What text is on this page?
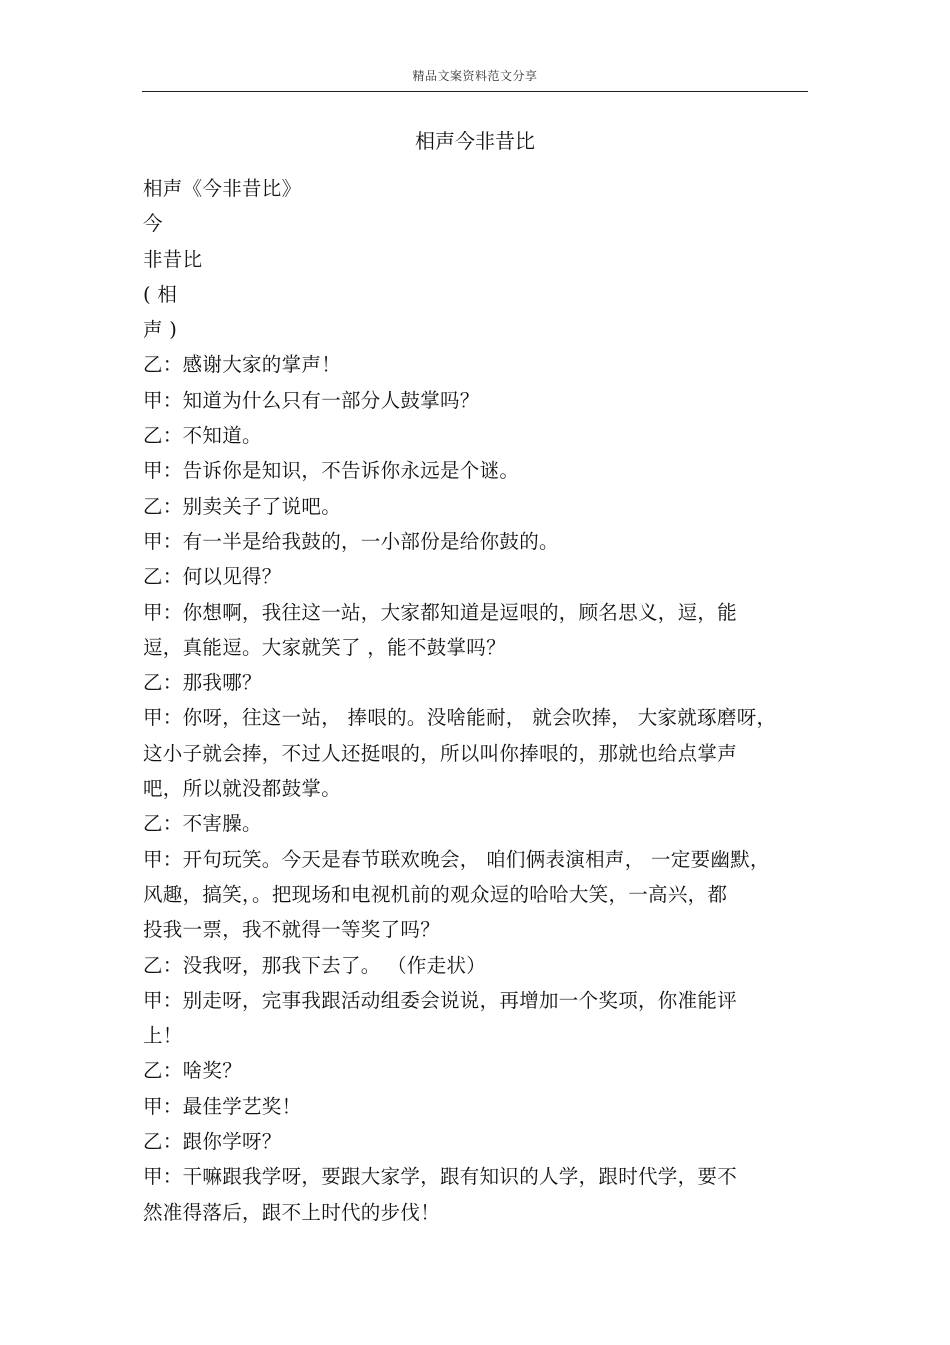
精品文案资料范文分享
相声今非昔比
相声《今非昔比》
今
非昔比
( 相
声 )
乙：感谢大家的掌声！
甲：知道为什么只有一部分人鼓掌吗？
乙：不知道。
甲：告诉你是知识，不告诉你永远是个谜。
乙：别卖关子了说吧。
甲：有一半是给我鼓的，一小部份是给你鼓的。
乙：何以见得？
甲：你想啊，我往这一站，大家都知道是逗哏的，顾名思义，逗，能
逗，真能逗。大家就笑了 ，能不鼓掌吗？
乙：那我哪？
甲：你呀，往这一站， 捧哏的。没啥能耐， 就会吹捧， 大家就琢磨呀，
这小子就会捧，不过人还挺哏的，所以叫你捧哏的，那就也给点掌声
吧，所以就没都鼓掌。
乙：不害臊。
甲：开句玩笑。今天是春节联欢晚会， 咱们俩表演相声， 一定要幽默，
风趣，搞笑，。把现场和电视机前的观众逗的哈哈大笑，一高兴，都
投我一票，我不就得一等奖了吗？
乙：没我呀，那我下去了。 （作走状）
甲：别走呀，完事我跟活动组委会说说，再增加一个奖项，你准能评
上！
乙：啥奖？
甲：最佳学艺奖！
乙：跟你学呀？
甲：干嘛跟我学呀，要跟大家学，跟有知识的人学，跟时代学，要不
然准得落后，跟不上时代的步伐！
